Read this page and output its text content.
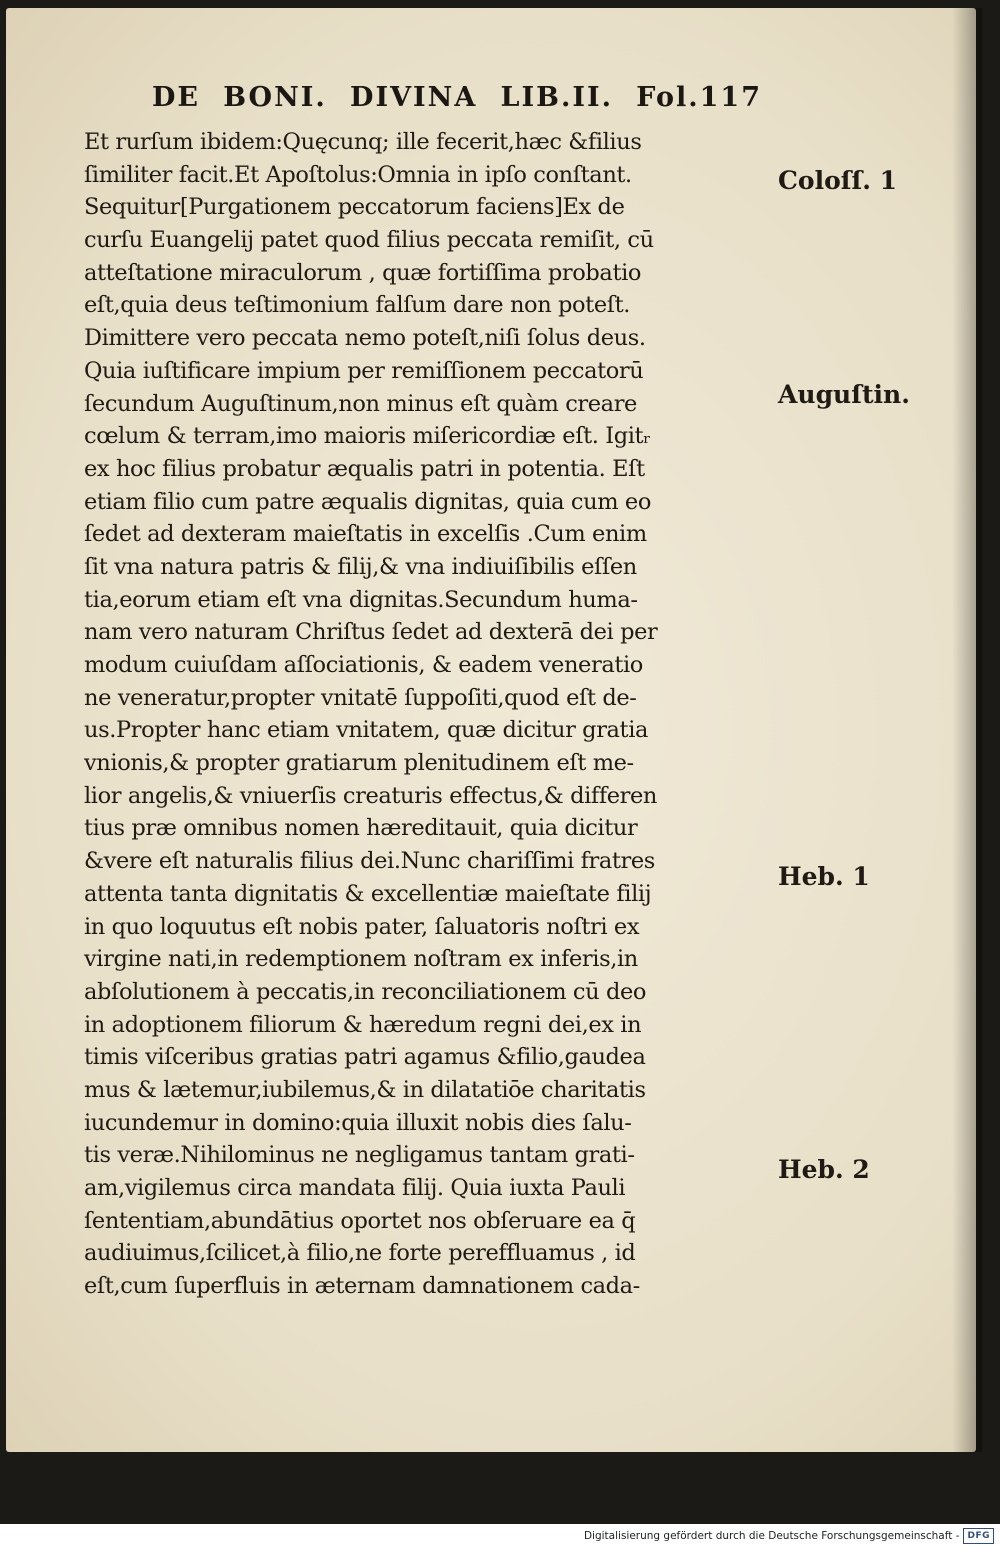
DE BONI. DIVINA LIB.II. Fol.117
Et rurſum ibidem:Quęcunq; ille fecerit,hæc &filius
ſimiliter facit.Et Apoſtolus:Omnia in ipſo conſtant.
Sequitur[Purgationem peccatorum faciens]Ex de
curſu Euangelij patet quod filius peccata remiſit, cū
atteſtatione miraculorum , quæ fortiſſima probatio
eſt,quia deus teſtimonium falſum dare non poteſt.
Dimittere vero peccata nemo poteſt,niſi ſolus deus.
Quia iuſtificare impium per remiſſionem peccatorū
ſecundum Auguſtinum,non minus eſt quàm creare
cœlum & terram,imo maioris miſericordiæ eſt. Igitᵣ
ex hoc filius probatur æqualis patri in potentia. Eſt
etiam filio cum patre æqualis dignitas, quia cum eo
ſedet ad dexteram maieſtatis in excelſis .Cum enim
ſit vna natura patris & filij,& vna indiuiſibilis eſſen
tia,eorum etiam eſt vna dignitas.Secundum huma-
nam vero naturam Chriſtus ſedet ad dexterā dei per
modum cuiuſdam aſſociationis, & eadem veneratio
ne veneratur,propter vnitatē ſuppoſiti,quod eſt de-
us.Propter hanc etiam vnitatem, quæ dicitur gratia
vnionis,& propter gratiarum plenitudinem eſt me-
lior angelis,& vniuerſis creaturis effectus,& differen
tius præ omnibus nomen hæreditauit, quia dicitur
&vere eſt naturalis filius dei.Nunc chariſſimi fratres
attenta tanta dignitatis & excellentiæ maieſtate filij
in quo loquutus eſt nobis pater, ſaluatoris noſtri ex
virgine nati,in redemptionem noſtram ex inferis,in
abſolutionem à peccatis,in reconciliationem cū deo
in adoptionem filiorum & hæredum regni dei,ex in
timis viſceribus gratias patri agamus &filio,gaudea
mus & lætemur,iubilemus,& in dilatatiōe charitatis
iucundemur in domino:quia illuxit nobis dies ſalu-
tis veræ.Nihilominus ne negligamus tantam grati-
am,vigilemus circa mandata filij. Quia iuxta Pauli
ſententiam,abundātius oportet nos obſeruare ea q̄
audiuimus,ſcilicet,à filio,ne forte pereffluamus , id
eſt,cum ſuperfluis in æternam damnationem cada-
Coloſſ. 1
Auguſtin.
Heb. 1
Heb. 2
Digitalisierung gefördert durch die Deutsche Forschungsgemeinschaft - DFG
